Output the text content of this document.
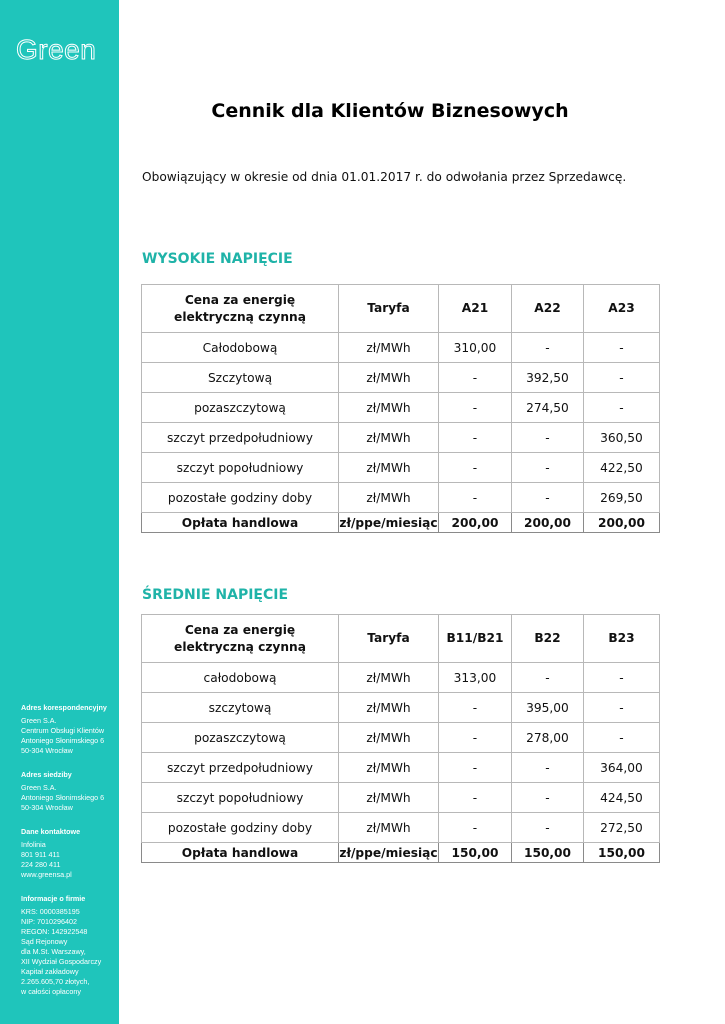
Green
Adres korespondencyjny
Green S.A.
Centrum Obsługi Klientów
Antoniego Słonimskiego 6
50-304 Wrocław
Adres siedziby
Green S.A.
Antoniego Słonimskiego 6
50-304 Wrocław
Dane kontaktowe
Infolinia
801 911 411
224 280 411
www.greensa.pl
Informacje o firmie
KRS: 0000385195
NIP: 7010296402
REGON: 142922548
Sąd Rejonowy
dla M.St. Warszawy,
XII Wydział Gospodarczy
Kapitał zakładowy
2.265.605,70 złotych,
w całości opłacony
Cennik dla Klientów Biznesowych
Obowiązujący w okresie od dnia 01.01.2017 r. do odwołania przez Sprzedawcę.
WYSOKIE NAPIĘCIE
Cena za energię elektryczną czynną	Taryfa	A21	A22	A23
Całodobową	zł/MWh	310,00	-	-
Szczytową	zł/MWh	-	392,50	-
pozaszczytową	zł/MWh	-	274,50	-
szczyt przedpołudniowy	zł/MWh	-	-	360,50
szczyt popołudniowy	zł/MWh	-	-	422,50
pozostałe godziny doby	zł/MWh	-	-	269,50
Opłata handlowa	zł/ppe/miesiąc	200,00	200,00	200,00
ŚREDNIE NAPIĘCIE
Cena za energię elektryczną czynną	Taryfa	B11/B21	B22	B23
całodobową	zł/MWh	313,00	-	-
szczytową	zł/MWh	-	395,00	-
pozaszczytową	zł/MWh	-	278,00	-
szczyt przedpołudniowy	zł/MWh	-	-	364,00
szczyt popołudniowy	zł/MWh	-	-	424,50
pozostałe godziny doby	zł/MWh	-	-	272,50
Opłata handlowa	zł/ppe/miesiąc	150,00	150,00	150,00
